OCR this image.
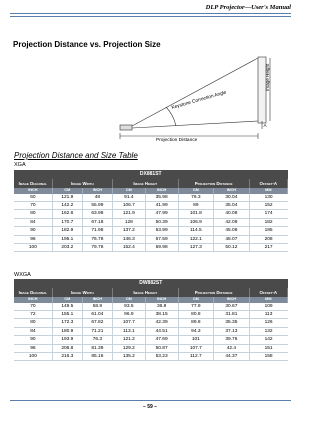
DLP Projector—User's Manual
Projection Distance vs. Projection Size
Image Height
Keystone Correction Angle
Projection Distance
A
Projection Distance and Size Table
XGA
DX881ST							
Image Diagonal	Image Width		Image Height		Projection Distance		Offset-A
INCH	CM	INCH	CM	INCH	CM	INCH	MM
60	121.9	48	91.4	35.98	76.3	30.04	130
70	142.2	55.99	106.7	41.99	89	35.04	152
80	162.6	63.98	121.9	47.99	101.8	40.08	174
84	170.7	67.18	128	50.39	106.9	42.09	182
90	182.9	71.98	137.2	53.99	114.5	45.08	195
96	195.1	76.78	146.3	57.59	122.1	48.07	208
100	203.2	79.78	152.4	59.98	127.3	50.12	217
WXGA
DW882ST							
Image Diagonal	Image Width		Image Height		Projection Distance		Offset-A
INCH	CM	INCH	CM	INCH	CM	INCH	MM
70	149.5	58.9	93.5	36.8	77.9	30.67	109
72	155.1	61.04	96.9	38.15	80.8	31.81	113
80	172.3	67.82	107.7	42.39	89.8	35.35	126
84	180.9	71.21	113.1	44.51	94.3	37.13	132
90	193.9	76.3	121.2	47.69	101	39.76	142
96	206.8	81.39	129.2	50.87	107.7	42.4	151
100	216.3	85.16	135.2	53.23	112.7	44.37	158
– 59 –
